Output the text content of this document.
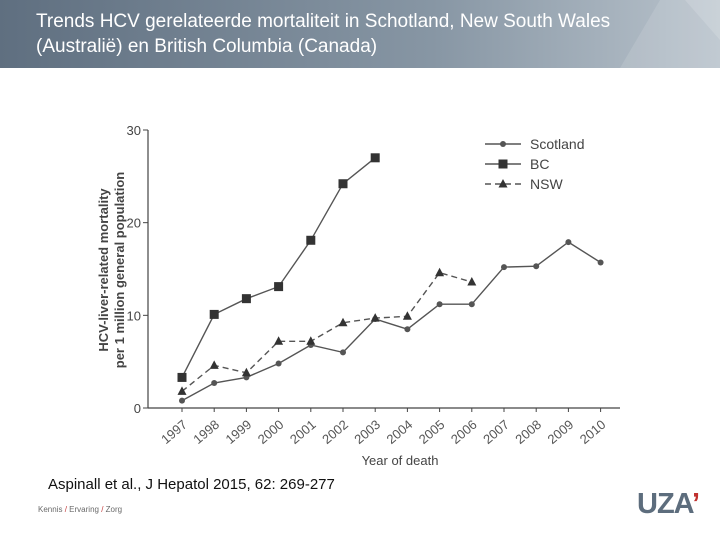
Trends HCV gerelateerde mortaliteit in Schotland, New South Wales (Australië) en British Columbia (Canada)
0
10
20
30
1997 1998 1999 2000 2001 2002 2003 2004 2005 2006 2007 2008 2009 2010
Year of death
HCV-liver-related mortality per 1 million general population
Scotland
BC
NSW
Aspinall et al., J Hepatol 2015, 62: 269-277
Kennis / Ervaring / Zorg	UZA’
